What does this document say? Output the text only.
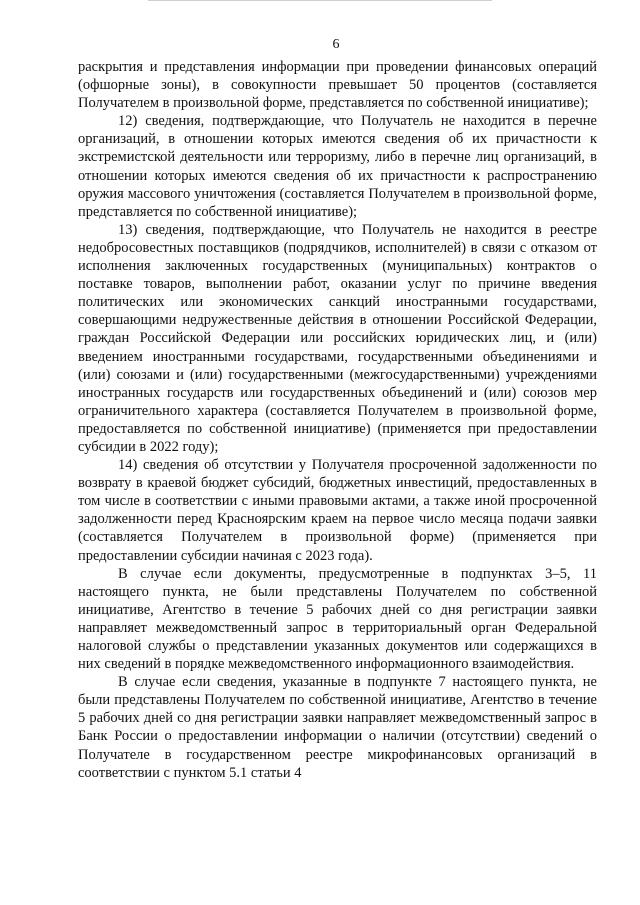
6

раскрытия и представления информации при проведении финансовых операций (офшорные зоны), в совокупности превышает 50 процентов (составляется Получателем в произвольной форме, представляется по собственной инициативе);

12) сведения, подтверждающие, что Получатель не находится в перечне организаций, в отношении которых имеются сведения об их причастности к экстремистской деятельности или терроризму, либо в перечне лиц организаций, в отношении которых имеются сведения об их причастности к распространению оружия массового уничтожения (составляется Получателем в произвольной форме, представляется по собственной инициативе);

13) сведения, подтверждающие, что Получатель не находится в реестре недобросовестных поставщиков (подрядчиков, исполнителей) в связи с отказом от исполнения заключенных государственных (муниципальных) контрактов о поставке товаров, выполнении работ, оказании услуг по причине введения политических или экономических санкций иностранными государствами, совершающими недружественные действия в отношении Российской Федерации, граждан Российской Федерации или российских юридических лиц, и (или) введением иностранными государствами, государственными объединениями и (или) союзами и (или) государственными (межгосударственными) учреждениями иностранных государств или государственных объединений и (или) союзов мер ограничительного характера (составляется Получателем в произвольной форме, предоставляется по собственной инициативе) (применяется при предоставлении субсидии в 2022 году);

14) сведения об отсутствии у Получателя просроченной задолженности по возврату в краевой бюджет субсидий, бюджетных инвестиций, предоставленных в том числе в соответствии с иными правовыми актами, а также иной просроченной задолженности перед Красноярским краем на первое число месяца подачи заявки (составляется Получателем в произвольной форме) (применяется при предоставлении субсидии начиная с 2023 года).

В случае если документы, предусмотренные в подпунктах 3–5, 11 настоящего пункта, не были представлены Получателем по собственной инициативе, Агентство в течение 5 рабочих дней со дня регистрации заявки направляет межведомственный запрос в территориальный орган Федеральной налоговой службы о представлении указанных документов или содержащихся в них сведений в порядке межведомственного информационного взаимодействия.

В случае если сведения, указанные в подпункте 7 настоящего пункта, не были представлены Получателем по собственной инициативе, Агентство в течение 5 рабочих дней со дня регистрации заявки направляет межведомственный запрос в Банк России о предоставлении информации о наличии (отсутствии) сведений о Получателе в государственном реестре микрофинансовых организаций в соответствии с пунктом 5.1 статьи 4
